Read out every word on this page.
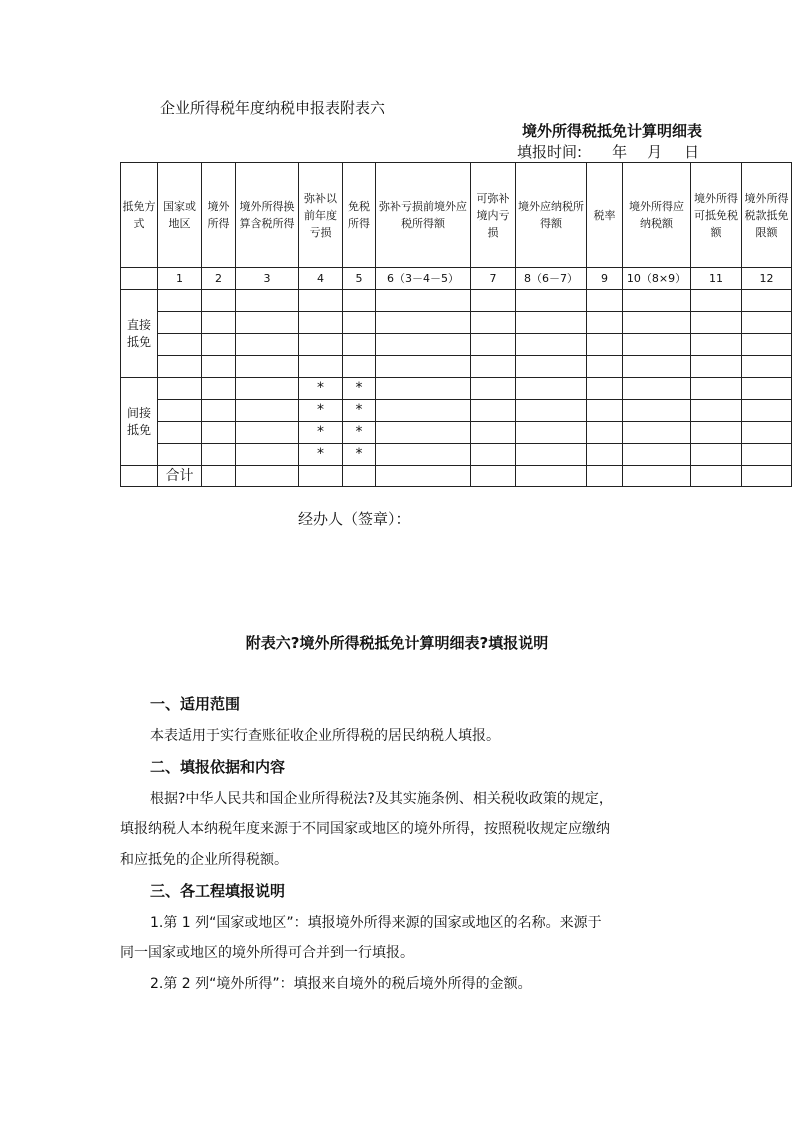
企业所得税年度纳税申报表附表六
境外所得税抵免计算明细表
填报时间: 年 月 日
抵免方式	国家或地区	境外所得	境外所得换算含税所得	弥补以前年度亏损	免税所得	弥补亏损前境外应税所得额	可弥补境内亏损	境外应纳税所得额	税率	境外所得应纳税额	境外所得可抵免税额	境外所得税款抵免限额
	1	2	3	4	5	6（3－4－5）	7	8（6－7）	9	10（8×9）	11	12

直接抵免												

间接抵免				*	*							
				*	*							
				*	*							
				*	*							
	合计											
经办人（签章）：
附表六?境外所得税抵免计算明细表?填报说明
一、适用范围
本表适用于实行查账征收企业所得税的居民纳税人填报。
二、填报依据和内容
根据?中华人民共和国企业所得税法?及其实施条例、相关税收政策的规定，
填报纳税人本纳税年度来源于不同国家或地区的境外所得，按照税收规定应缴纳
和应抵免的企业所得税额。
三、各工程填报说明
1.第 1 列“国家或地区”：填报境外所得来源的国家或地区的名称。来源于
同一国家或地区的境外所得可合并到一行填报。
2.第 2 列“境外所得”：填报来自境外的税后境外所得的金额。
